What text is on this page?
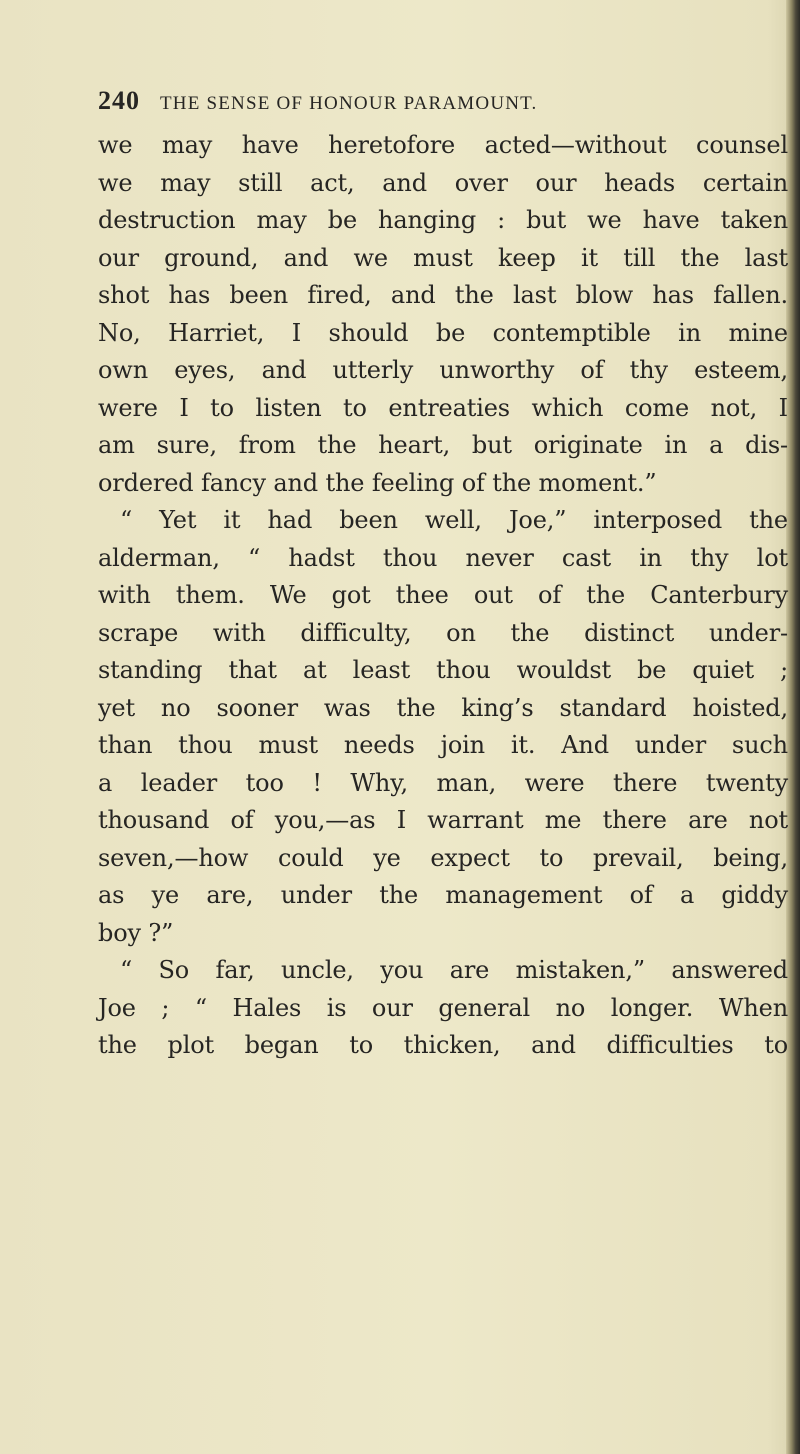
240 THE SENSE OF HONOUR PARAMOUNT.
we may have heretofore acted—without counsel
we may still act, and over our heads certain
destruction may be hanging : but we have taken
our ground, and we must keep it till the last
shot has been fired, and the last blow has fallen.
No, Harriet, I should be contemptible in mine
own eyes, and utterly unworthy of thy esteem,
were I to listen to entreaties which come not, I
am sure, from the heart, but originate in a dis-
ordered fancy and the feeling of the moment.”
“ Yet it had been well, Joe,” interposed the
alderman, “ hadst thou never cast in thy lot
with them. We got thee out of the Canterbury
scrape with difficulty, on the distinct under-
standing that at least thou wouldst be quiet ;
yet no sooner was the king’s standard hoisted,
than thou must needs join it. And under such
a leader too ! Why, man, were there twenty
thousand of you,—as I warrant me there are not
seven,—how could ye expect to prevail, being,
as ye are, under the management of a giddy
boy ?”
“ So far, uncle, you are mistaken,” answered
Joe ; “ Hales is our general no longer. When
the plot began to thicken, and difficulties to
